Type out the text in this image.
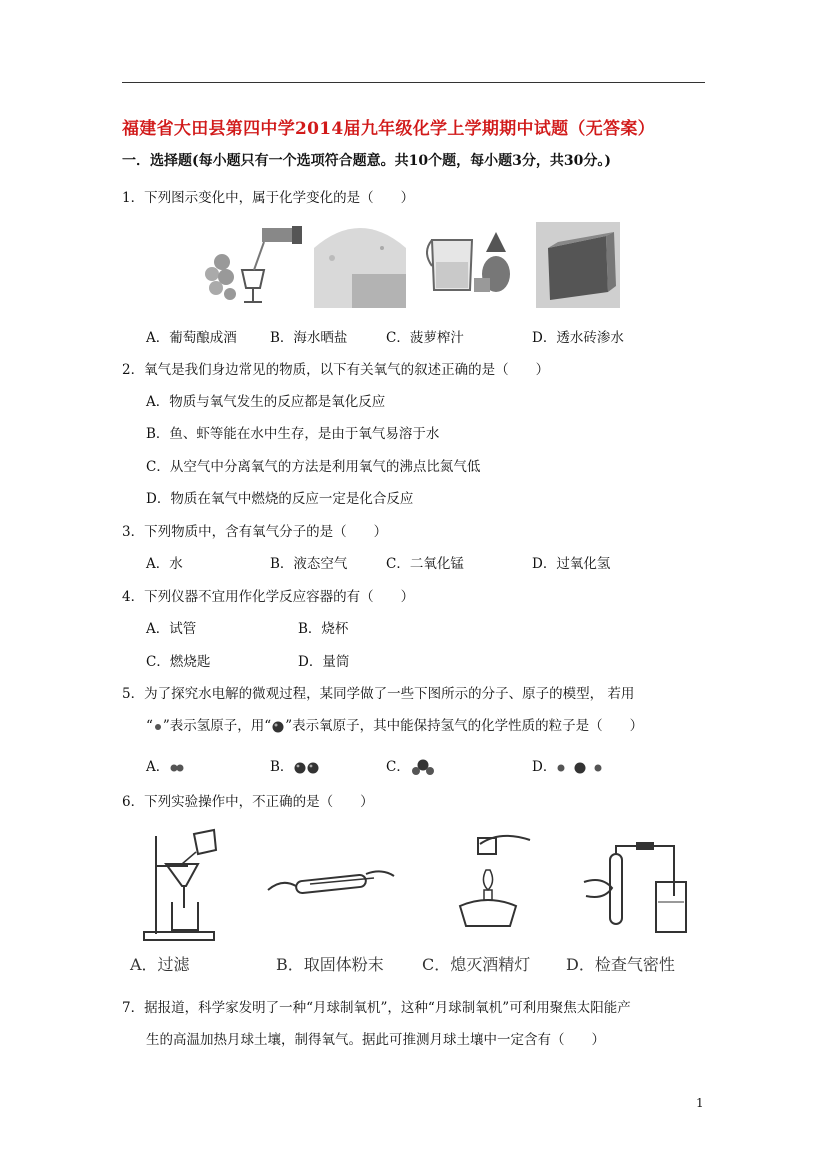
福建省大田县第四中学2014届九年级化学上学期期中试题（无答案）
一．选择题(每小题只有一个选项符合题意。共10个题，每小题3分，共30分。)
1．下列图示变化中，属于化学变化的是（　　）
A．葡萄酿成酒 B．海水晒盐	C．菠萝榨汁	D．透水砖渗水
2．氧气是我们身边常见的物质，以下有关氧气的叙述正确的是（　　）
A．物质与氧气发生的反应都是氧化反应
B．鱼、虾等能在水中生存，是由于氧气易溶于水
C．从空气中分离氧气的方法是利用氧气的沸点比氮气低
D．物质在氧气中燃烧的反应一定是化合反应
3．下列物质中，含有氧气分子的是（　　）
A．水	B．液态空气	C．二氧化锰	D．过氧化氢
4．下列仪器不宜用作化学反应容器的有（　　）
A．试管	B．烧杯
C．燃烧匙	D．量筒
5．为了探究水电解的微观过程，某同学做了一些下图所示的分子、原子的模型， 若用
“ ”表示氢原子，用“ ”表示氧原子，其中能保持氢气的化学性质的粒子是（　　）
A．	B．	C．	D．
6．下列实验操作中，不正确的是（　　）
A．过滤	B．取固体粉末 C．熄灭酒精灯 D．检查气密性
7．据报道，科学家发明了一种“月球制氧机”，这种“月球制氧机”可利用聚焦太阳能产
生的高温加热月球土壤，制得氧气。据此可推测月球土壤中一定含有（　　）
1
